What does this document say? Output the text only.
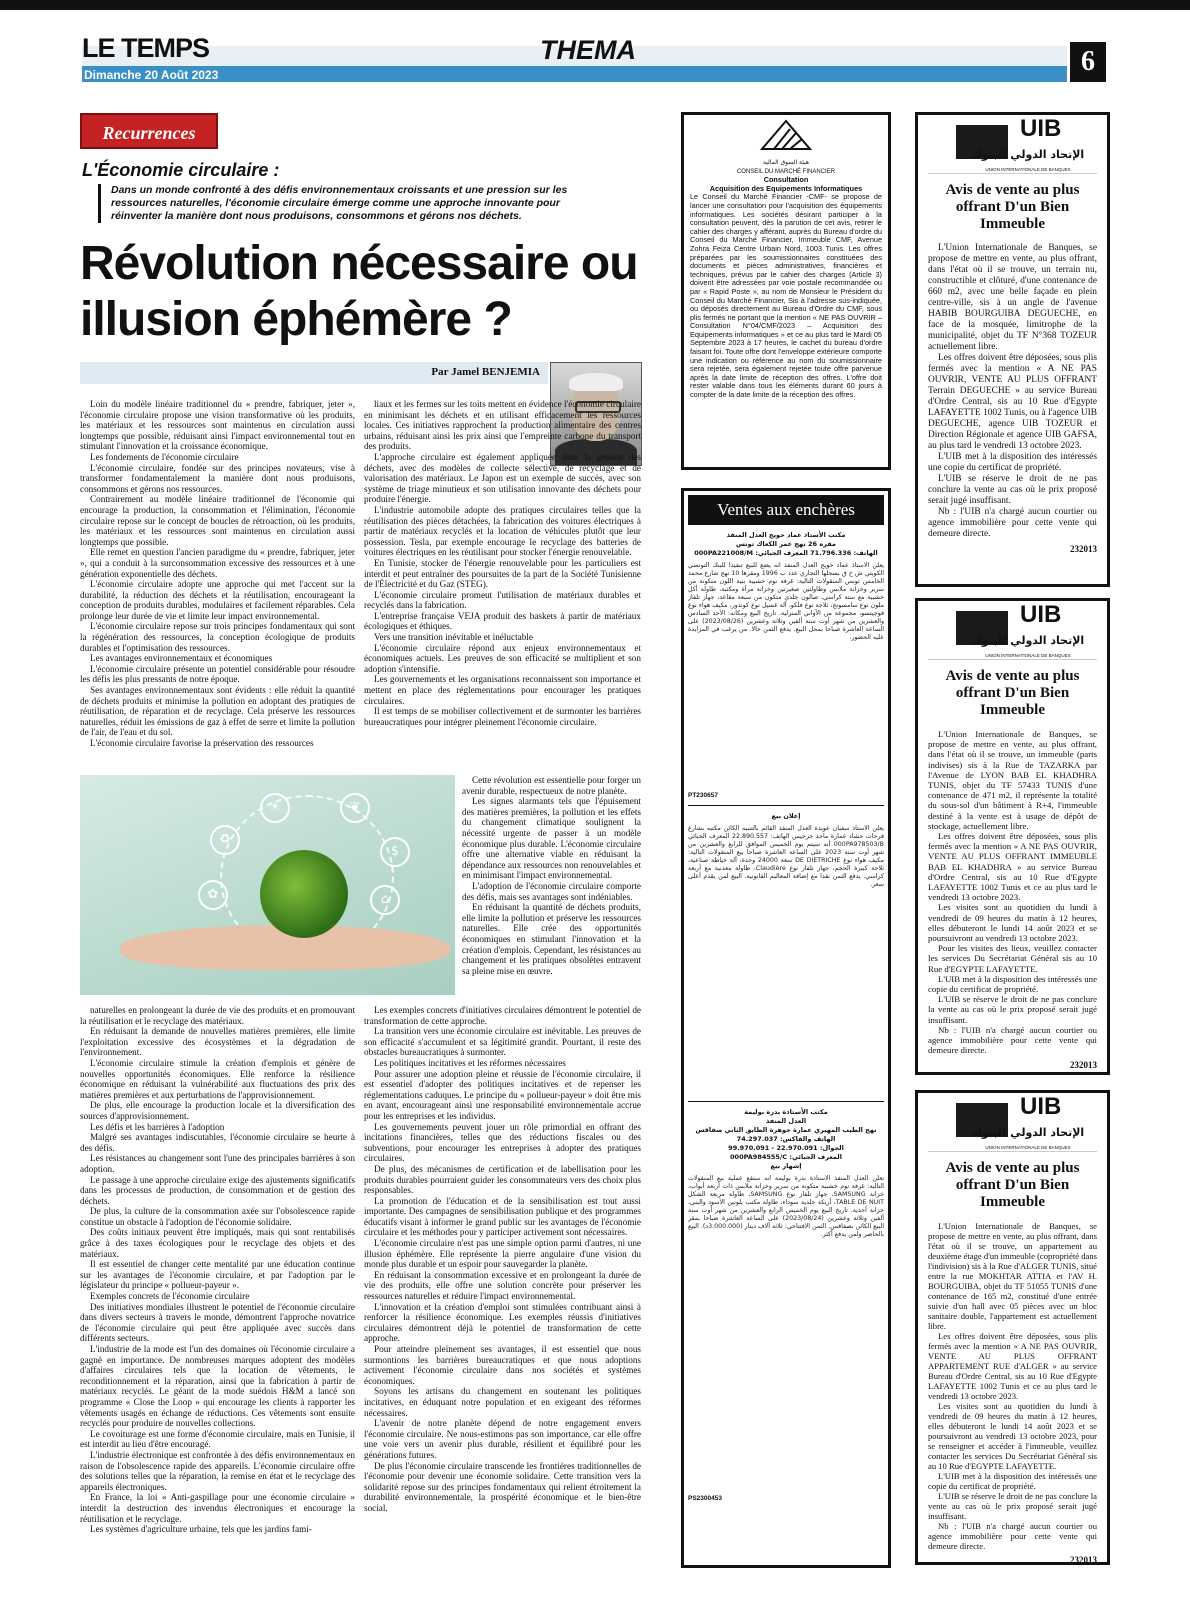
LE TEMPS	THEMA
Dimanche 20 Août 2023	6
Recurrences
L'Économie circulaire :
Dans un monde confronté à des défis environnementaux croissants et une pression sur les ressources naturelles, l'économie circulaire émerge comme une approche innovante pour réinventer la manière dont nous produisons, consommons et gérons nos déchets.
Révolution nécessaire ou illusion éphémère ?
Par Jamel BENJEMIA

Loin du modèle linéaire traditionnel du « prendre, fabriquer, jeter », l'économie circulaire propose une vision transformative où les produits, les matériaux et les ressources sont maintenus en circulation aussi longtemps que possible, réduisant ainsi l'impact environnemental tout en stimulant l'innovation et la croissance économique.

Les fondements de l'économie circulaire

L'économie circulaire, fondée sur des principes novateurs, vise à transformer fondamentalement la manière dont nous produisons, consommons et gérons nos ressources.

Contrairement au modèle linéaire traditionnel de l'économie qui encourage la production, la consommation et l'élimination, l'économie circulaire repose sur le concept de boucles de rétroaction, où les produits, les matériaux et les ressources sont maintenus en circulation aussi longtemps que possible.

Elle remet en question l'ancien paradigme du « prendre, fabriquer, jeter », qui a conduit à la surconsommation excessive des ressources et à une génération exponentielle des déchets.

L'économie circulaire adopte une approche qui met l'accent sur la durabilité, la réduction des déchets et la réutilisation, encourageant la conception de produits durables, modulaires et facilement réparables. Cela prolonge leur durée de vie et limite leur impact environnemental.

L'économie circulaire repose sur trois principes fondamentaux qui sont la régénération des ressources, la conception écologique de produits durables et l'optimisation des ressources.

Les avantages environnementaux et économiques

L'économie circulaire présente un potentiel considérable pour résoudre les défis les plus pressants de notre époque.

Ses avantages environnementaux sont évidents : elle réduit la quantité de déchets produits et minimise la pollution en adoptant des pratiques de réutilisation, de réparation et de recyclage. Cela préserve les ressources naturelles, réduit les émissions de gaz à effet de serre et limite la pollution de l'air, de l'eau et du sol.

L'économie circulaire favorise la préservation des ressources

liaux et les fermes sur les toits mettent en évidence l'économie circulaire en minimisant les déchets et en utilisant efficacement les ressources locales. Ces initiatives rapprochent la production alimentaire des centres urbains, réduisant ainsi les prix ainsi que l'empreinte carbone du transport des produits.

L'approche circulaire est également appliquée dans la gestion des déchets, avec des modèles de collecte sélective, de recyclage et de valorisation des matériaux. Le Japon est un exemple de succès, avec son système de triage minutieux et son utilisation innovante des déchets pour produire l'énergie.

L'industrie automobile adopte des pratiques circulaires telles que la réutilisation des pièces détachées, la fabrication des voitures électriques à partir de matériaux recyclés et la location de véhicules plutôt que leur possession. Tesla, par exemple encourage le recyclage des batteries de voitures électriques en les réutilisant pour stocker l'énergie renouvelable.

En Tunisie, stocker de l'énergie renouvelable pour les particuliers est interdit et peut entraîner des poursuites de la part de la Société Tunisienne de l'Électricité et du Gaz (STEG).

L'économie circulaire promeut l'utilisation de matériaux durables et recyclés dans la fabrication.

L'entreprise française VEJA produit des baskets à partir de matériaux écologiques et éthiques.

Vers une transition inévitable et inéluctable

L'économie circulaire répond aux enjeux environnementaux et économiques actuels. Les preuves de son efficacité se multiplient et son adoption s'intensifie.

Les gouvernements et les organisations reconnaissent son importance et mettent en place des réglementations pour encourager les pratiques circulaires.

Il est temps de se mobiliser collectivement et de surmonter les barrières bureaucratiques pour intégrer pleinement l'économie circulaire.

Cette révolution est essentielle pour forger un avenir durable, respectueux de notre planète.

Les signes alarmants tels que l'épuisement des matières premières, la pollution et les effets du changement climatique soulignent la nécessité urgente de passer à un modèle économique plus durable. L'économie circulaire offre une alternative viable en réduisant la dépendance aux ressources non renouvelables et en minimisant l'impact environnemental.

L'adoption de l'économie circulaire comporte des défis, mais ses avantages sont indéniables.

En réduisant la quantité de déchets produits, elle limite la pollution et préserve les ressources naturelles. Elle crée des opportunités économiques en stimulant l'innovation et la création d'emplois. Cependant, les résistances au changement et les pratiques obsolètes entravent sa pleine mise en œuvre.

naturelles en prolongeant la durée de vie des produits et en promouvant la réutilisation et le recyclage des matériaux.

En réduisant la demande de nouvelles matières premières, elle limite l'exploitation excessive des écosystèmes et la dégradation de l'environnement.

L'économie circulaire stimule la création d'emplois et génère de nouvelles opportunités économiques. Elle renforce la résilience économique en réduisant la vulnérabilité aux fluctuations des prix des matières premières et aux perturbations de l'approvisionnement.

De plus, elle encourage la production locale et la diversification des sources d'approvisionnement.

Les défis et les barrières à l'adoption

Malgré ses avantages indiscutables, l'économie circulaire se heurte à des défis.

Les résistances au changement sont l'une des principales barrières à son adoption.

Le passage à une approche circulaire exige des ajustements significatifs dans les processus de production, de consommation et de gestion des déchets.

De plus, la culture de la consommation axée sur l'obsolescence rapide constitue un obstacle à l'adoption de l'économie solidaire.

Des coûts initiaux peuvent être impliqués, mais qui sont rentabilisés grâce à des taxes écologiques pour le recyclage des objets et des matériaux.

Il est essentiel de changer cette mentalité par une éducation continue sur les avantages de l'économie circulaire, et par l'adoption par le législateur du principe « pollueur-payeur ».

Exemples concrets de l'économie circulaire

Des initiatives mondiales illustrent le potentiel de l'économie circulaire dans divers secteurs à travers le monde, démontrent l'approche novatrice de l'économie circulaire qui peut être appliquée avec succès dans différents secteurs.

L'industrie de la mode est l'un des domaines où l'économie circulaire a gagné en importance. De nombreuses marques adoptent des modèles d'affaires circulaires tels que la location de vêtements, le reconditionnement et la réparation, ainsi que la fabrication à partir de matériaux recyclés. Le géant de la mode suédois H&M a lancé son programme « Close the Loop » qui encourage les clients à rapporter les vêtements usagés en échange de réductions. Ces vêtements sont ensuite recyclés pour produire de nouvelles collections.

Le covoiturage est une forme d'économie circulaire, mais en Tunisie, il est interdit au lieu d'être encouragé.

L'industrie électronique est confrontée à des défis environnementaux en raison de l'obsolescence rapide des appareils. L'économie circulaire offre des solutions telles que la réparation, la remise en état et le recyclage des appareils électroniques.

En France, la loi « Anti-gaspillage pour une économie circulaire » interdit la destruction des invendus électroniques et encourage la réutilisation et le recyclage.

Les systèmes d'agriculture urbaine, tels que les jardins fami-

Les exemples concrets d'initiatives circulaires démontrent le potentiel de transformation de cette approche.

La transition vers une économie circulaire est inévitable. Les preuves de son efficacité s'accumulent et sa légitimité grandit. Pourtant, il reste des obstacles bureaucratiques à surmonter.

Les politiques incitatives et les réformes nécessaires

Pour assurer une adoption pleine et réussie de l'économie circulaire, il est essentiel d'adopter des politiques incitatives et de repenser les réglementations caduques. Le principe du « pollueur-payeur » doit être mis en avant, encourageant ainsi une responsabilité environnementale accrue pour les entreprises et les individus.

Les gouvernements peuvent jouer un rôle primordial en offrant des incitations financières, telles que des réductions fiscales ou des subventions, pour encourager les entreprises à adopter des pratiques circulaires.

De plus, des mécanismes de certification et de labellisation pour les produits durables pourraient guider les consommateurs vers des choix plus responsables.

La promotion de l'éducation et de la sensibilisation est tout aussi importante. Des campagnes de sensibilisation publique et des programmes éducatifs visant à informer le grand public sur les avantages de l'économie circulaire et les méthodes pour y participer activement sont nécessaires.

L'économie circulaire n'est pas une simple option parmi d'autres, ni une illusion éphémère. Elle représente la pierre angulaire d'une vision du monde plus durable et un espoir pour sauvegarder la planète.

En réduisant la consommation excessive et en prolongeant la durée de vie des produits, elle offre une solution concrète pour préserver les ressources naturelles et réduire l'impact environnemental.

L'innovation et la création d'emploi sont stimulées contribuant ainsi à renforcer la résilience économique. Les exemples réussis d'initiatives circulaires démontrent déjà le potentiel de transformation de cette approche.

Pour atteindre pleinement ses avantages, il est essentiel que nous surmontions les barrières bureaucratiques et que nous adoptions activement l'économie circulaire dans nos sociétés et systèmes économiques.

Soyons les artisans du changement en soutenant les politiques incitatives, en éduquant notre population et en exigeant des réformes nécessaires.

L'avenir de notre planète dépend de notre engagement envers l'économie circulaire. Ne nous-estimons pas son importance, car elle offre une voie vers un avenir plus durable, résilient et équilibré pour les générations futures.

De plus l'économie circulaire transcende les frontières traditionnelles de l'économie pour devenir une économie solidaire. Cette transition vers la solidarité repose sur des principes fondamentaux qui relient étroitement la durabilité environnementale, la prospérité économique et le bien-être social.

♻
☀	❦
$
⌂
✿
هيئة السوق المالية
CONSEIL DU MARCHÉ FINANCIER
Consultation
Acquisition des Equipements Informatiques
Le Conseil du Marché Financier -CMF- se propose de lancer une consultation pour l'acquisition des équipements informatiques. Les sociétés désirant participer à la consultation peuvent, dès la parution de cet avis, retirer le cahier des charges y afférant, auprès du Bureau d'ordre du Conseil du Marché Financier, Immeuble CMF, Avenue Zohra Feiza Centre Urbain Nord, 1003 Tunis. Les offres préparées par les soumissionnaires constituées des documents et pièces administratives, financières et techniques, prévus par le cahier des charges (Article 3) doivent être adressées par voie postale recommandée ou par « Rapid Poste », au nom de Monsieur le Président du Conseil du Marché Financier, Sis à l'adresse sus-indiquée, ou déposés directement au Bureau d'Ordre du CMF, sous plis fermés ne portant que la mention « NE PAS OUVRIR – Consultation N°04/CMF/2023 – Acquisition des Equipements informatiques » et ce au plus tard le Mardi 05 Septembre 2023 à 17 heures, le cachet du bureau d'ordre faisant foi. Toute offre dont l'enveloppe extérieure comporte une indication ou référence au nom du soumissionnaire sera rejetée, sera également rejetée toute offre parvenue après la date limite de réception des offres. L'offre doit rester valable dans tous les éléments durant 60 jours à compter de la date limite de la réception des offres.
Ventes aux enchères
مكتب الأستاذ عماد حويج العدل المنفذ
مقره 26 نهج عمر الكعاك تونس
الهاتف: 71.796.336 المعرف الجبائي: 000PA221008/M
يعلن الأستاذ عماد حويج العدل المنفذ أنه يضع للبيع تنفيذا للبنك التونسي الكويتي ش خ ق بسجلها التجاري عدد ب 1996 ومقرها 10 نهج شارع محمد الخامس تونس المنقولات التالية: غرفة نوم خشبية بنية اللون متكونة من سرير وخزانة ملابس وطاولتين صغيرتين وخزانة مرآة ومكتبة، طاولة أكل خشبية مع ستة كراسي، صالون جلدي متكون من سبعة مقاعد، جهاز تلفاز ملون نوع سامسونج، ثلاجة نوع فلكو، آلة غسيل نوع كوندور، مكيف هواء نوع فوجيتسو، مجموعة من الأواني المنزلية. تاريخ البيع ومكانه: الأحد السادس والعشرين من شهر أوت سنة ألفين وثلاثة وعشرين (2023/08/26) على الساعة العاشرة صباحا بمحل البيع. يدفع الثمن حالا. من يرغب في المزايدة عليه الحضور.
PT230657
إعلان بيع
يعلن الأستاذ سفيان عويدة العدل المنفذ القائم بالتنبيه الكائن مكتبه بشارع فرحات حشاد عمارة ماجد جرجيس الهاتف: 22.890.557 المعرف الجبائي 000PA978503/B أنه سيتم يوم الخميس الموافق للرابع والعشرين من شهر أوت سنة 2023 على الساعة العاشرة صباحا بيع المنقولات التالية: مكيف هواء نوع DE DIETRICHE سعة 24000 وحدة، آلة خياطة صناعية، ثلاجة كبيرة الحجم، جهاز تلفاز نوع Claudière، طاولة معدنية مع أربعة كراسي. يدفع الثمن نقدا مع إضافة المعاليم القانونية. البيع لمن يقدم أعلى سعر.
مكتب الأستاذة بدرة بوليمة
العدل المنفذ
نهج الطيب المهيري عمارة جوهرة الطابق الثاني صفاقس
الهاتف والفاكس: 74.297.037
الجوال: 22.970.091 - 99.970.091
المعرف الجبائي: 000PA984555/C
إشهار بيع
تعلن العدل المنفذ الأستاذة بدرة بوليمة أنه ستقع عملية بيع المنقولات التالية: غرفة نوم خشبية متكونة من سرير وخزانة ملابس ذات أربعة أبواب، خزانة SAMSUNG، جهاز تلفاز نوع SAMSUNG، طاولة مربعة الشكل TABLE DE NUIT، أريكة جلدية سوداء، طاولة مكتب بلونين الأسود والبني، خزانة أحذية. تاريخ البيع يوم الخميس الرابع والعشرين من شهر أوت سنة ألفين وثلاثة وعشرين (2023/08/24) على الساعة العاشرة صباحا بمقر البيع الكائن بصفاقس. الثمن الافتتاحي: ثلاثة آلاف دينار (3.000.000د). البيع بالحاضر ولمن يدفع أكثر.
PS2300453
UIB
الإتحاد الدولي للبنوك
UNION INTERNATIONALE DE BANQUES
Avis de vente au plus offrant D'un Bien Immeuble

L'Union Internationale de Banques, se propose de mettre en vente, au plus offrant, dans l'état où il se trouve, un terrain nu, constructible et clôturé, d'une contenance de 660 m2, avec une belle façade en plein centre-ville, sis à un angle de l'avenue HABIB BOURGUIBA DEGUECHE, en face de la mosquée, limitrophe de la municipalité, objet du TF N°368 TOZEUR actuellement libre.

Les offres doivent être déposées, sous plis fermés avec la mention « A NE PAS OUVRIR, VENTE AU PLUS OFFRANT Terrain DEGUECHE » au service Bureau d'Ordre Central, sis au 10 Rue d'Egypte LAFAYETTE 1002 Tunis, ou à l'agence UIB DEGUECHE, agence UIB TOZEUR et Direction Régionale et agence UIB GAFSA, au plus tard le vendredi 13 octobre 2023.

L'UIB met à la disposition des intéressés une copie du certificat de propriété.

L'UIB se réserve le droit de ne pas conclure la vente au cas où le prix proposé serait jugé insuffisant.

Nb : l'UIB n'a chargé aucun courtier ou agence immobilière pour cette vente qui demeure directe.

232013
UIB
الإتحاد الدولي للبنوك
UNION INTERNATIONALE DE BANQUES
Avis de vente au plus offrant D'un Bien Immeuble

L'Union Internationale de Banques, se propose de mettre en vente, au plus offrant, dans l'état où il se trouve, un immeuble (parts indivises) sis à la Rue de TAZARKA par l'Avenue de LYON BAB EL KHADHRA TUNIS, objet du TF 57433 TUNIS d'une contenance de 471 m2, il représente la totalité du sous-sol d'un bâtiment à R+4, l'immeuble destiné à la vente est à usage de dépôt de stockage, actuellement libre.

Les offres doivent être déposées, sous plis fermés avec la mention « A NE PAS OUVRIR, VENTE AU PLUS OFFRANT IMMEUBLE BAB EL KHADHRA » au service Bureau d'Ordre Central, sis au 10 Rue d'Egypte LAFAYETTE 1002 Tunis et ce au plus tard le vendredi 13 octobre 2023.

Les visites sont au quotidien du lundi à vendredi de 09 heures du matin à 12 heures, elles débuteront le lundi 14 août 2023 et se poursuivront au vendredi 13 octobre 2023.

Pour les visites des lieux, veuillez contacter les services Du Secrétariat Général sis au 10 Rue d'EGYPTE LAFAYETTE.

L'UIB met à la disposition des intéressés une copie du certificat de propriété.

L'UIB se réserve le droit de ne pas conclure la vente au cas où le prix proposé serait jugé insuffisant.

Nb : l'UIB n'a chargé aucun courtier ou agence immobilière pour cette vente qui demeure directe.

232013
UIB
الإتحاد الدولي للبنوك
UNION INTERNATIONALE DE BANQUES
Avis de vente au plus offrant D'un Bien Immeuble

L'Union Internationale de Banques, se propose de mettre en vente, au plus offrant, dans l'état où il se trouve, un appartement au deuxième étage d'un immeuble (copropriété dans l'indivision) sis à la Rue d'ALGER TUNIS, situé entre la rue MOKHTAR ATTIA et l'AV H. BOURGUIBA, objet du TF 51055 TUNIS d'une contenance de 165 m2, constitué d'une entrée suivie d'un hall avec 05 pièces avec un bloc sanitaire double, l'appartement est actuellement libre.

Les offres doivent être déposées, sous plis fermés avec la mention « A NE PAS OUVRIR, VENTE AU PLUS OFFRANT APPARTEMENT RUE d'ALGER » au service Bureau d'Ordre Central, sis au 10 Rue d'Egypte LAFAYETTE 1002 Tunis et ce au plus tard le vendredi 13 octobre 2023.

Les visites sont au quotidien du lundi à vendredi de 09 heures du matin à 12 heures, elles débuteront le lundi 14 août 2023 et se poursuivront au vendredi 13 octobre 2023, pour se renseigner et accéder à l'immeuble, veuillez contacter les services Du Secrétariat Général sis au 10 Rue d'EGYPTE LAFAYETTE.

L'UIB met à la disposition des intéressés une copie du certificat de propriété.

L'UIB se réserve le droit de ne pas conclure la vente au cas où le prix proposé serait jugé insuffisant.

Nb : l'UIB n'a chargé aucun courtier ou agence immobilière pour cette vente qui demeure directe.

232013
